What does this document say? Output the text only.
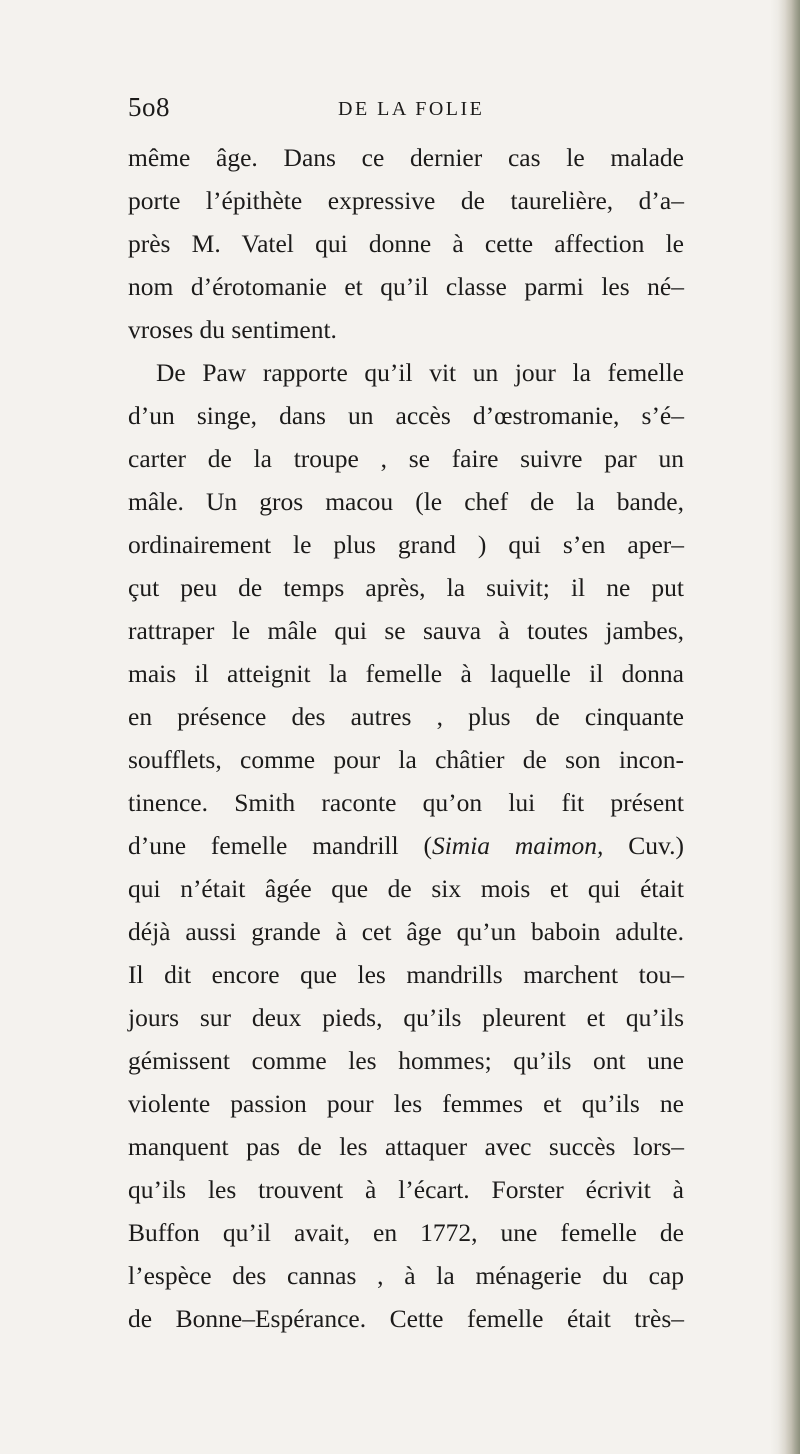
5o8	DE LA FOLIE
même âge. Dans ce dernier cas le malade
porte l’épithète expressive de taurelière, d’a–
près M. Vatel qui donne à cette affection le
nom d’érotomanie et qu’il classe parmi les né–
vroses du sentiment.
De Paw rapporte qu’il vit un jour la femelle
d’un singe, dans un accès d’œstromanie, s’é–
carter de la troupe , se faire suivre par un
mâle. Un gros macou (le chef de la bande,
ordinairement le plus grand ) qui s’en aper–
çut peu de temps après, la suivit; il ne put
rattraper le mâle qui se sauva à toutes jambes,
mais il atteignit la femelle à laquelle il donna
en présence des autres , plus de cinquante
soufflets, comme pour la châtier de son incon-
tinence. Smith raconte qu’on lui fit présent
d’une femelle mandrill (Simia maimon, Cuv.)
qui n’était âgée que de six mois et qui était
déjà aussi grande à cet âge qu’un baboin adulte.
Il dit encore que les mandrills marchent tou–
jours sur deux pieds, qu’ils pleurent et qu’ils
gémissent comme les hommes; qu’ils ont une
violente passion pour les femmes et qu’ils ne
manquent pas de les attaquer avec succès lors–
qu’ils les trouvent à l’écart. Forster écrivit à
Buffon qu’il avait, en 1772, une femelle de
l’espèce des cannas , à la ménagerie du cap
de Bonne–Espérance. Cette femelle était très–
